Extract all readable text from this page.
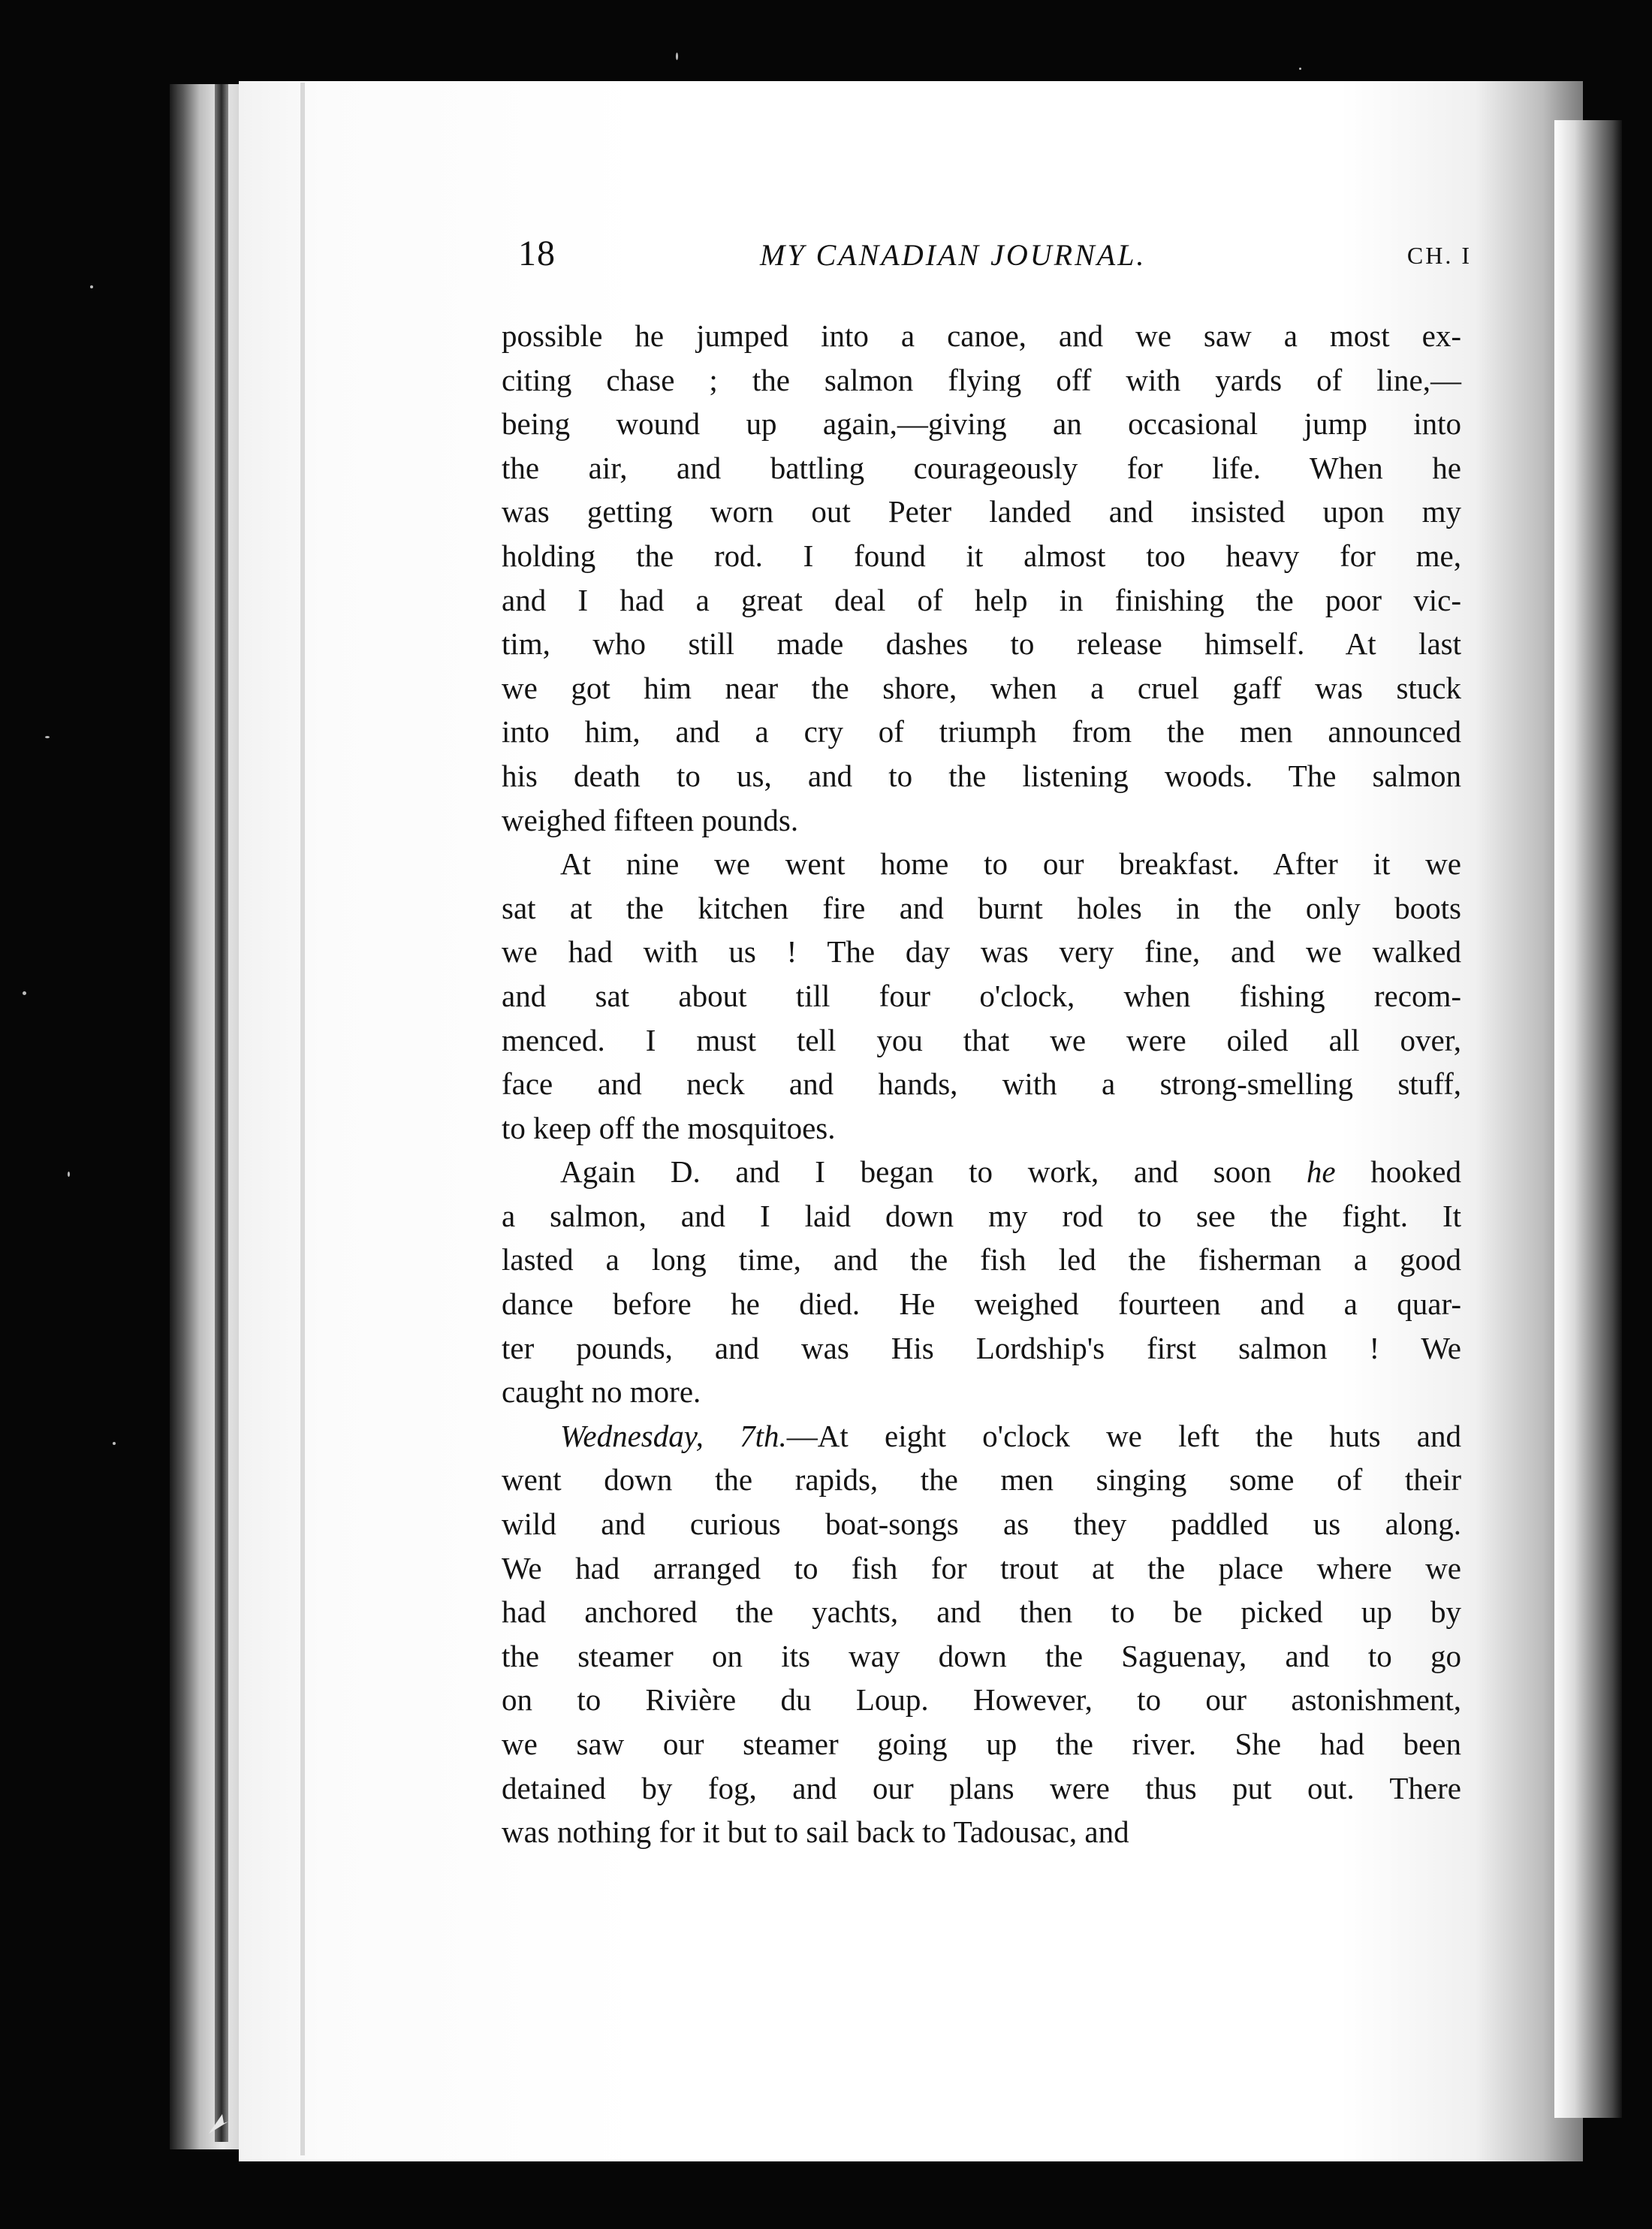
18	MY CANADIAN JOURNAL.	CH. I
possible he jumped into a canoe, and we saw a most ex-
citing chase ; the salmon flying off with yards of line,—
being wound up again,—giving an occasional jump into
the air, and battling courageously for life. When he
was getting worn out Peter landed and insisted upon my
holding the rod. I found it almost too heavy for me,
and I had a great deal of help in finishing the poor vic-
tim, who still made dashes to release himself. At last
we got him near the shore, when a cruel gaff was stuck
into him, and a cry of triumph from the men announced
his death to us, and to the listening woods. The salmon
weighed fifteen pounds.
At nine we went home to our breakfast. After it we
sat at the kitchen fire and burnt holes in the only boots
we had with us ! The day was very fine, and we walked
and sat about till four o'clock, when fishing recom-
menced. I must tell you that we were oiled all over,
face and neck and hands, with a strong-smelling stuff,
to keep off the mosquitoes.
Again D. and I began to work, and soon he hooked
a salmon, and I laid down my rod to see the fight. It
lasted a long time, and the fish led the fisherman a good
dance before he died. He weighed fourteen and a quar-
ter pounds, and was His Lordship's first salmon ! We
caught no more.
Wednesday, 7th.—At eight o'clock we left the huts and
went down the rapids, the men singing some of their
wild and curious boat-songs as they paddled us along.
We had arranged to fish for trout at the place where we
had anchored the yachts, and then to be picked up by
the steamer on its way down the Saguenay, and to go
on to Rivière du Loup. However, to our astonishment,
we saw our steamer going up the river. She had been
detained by fog, and our plans were thus put out. There
was nothing for it but to sail back to Tadousac, and
